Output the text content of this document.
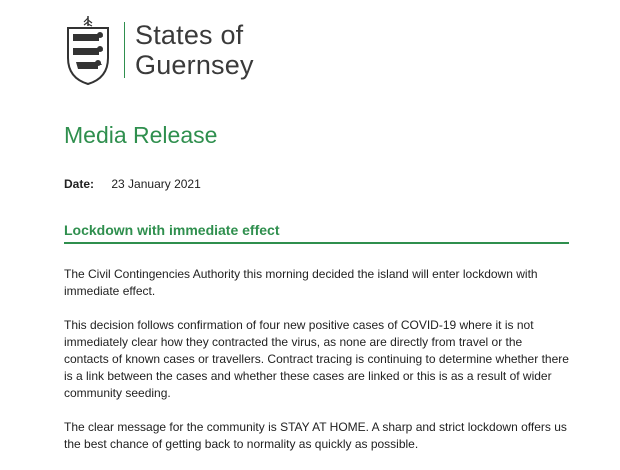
States of
Guernsey
Media Release
Date: 23 January 2021
Lockdown with immediate effect

The Civil Contingencies Authority this morning decided the island will enter lockdown with immediate effect.

This decision follows confirmation of four new positive cases of COVID-19 where it is not immediately clear how they contracted the virus, as none are directly from travel or the contacts of known cases or travellers. Contract tracing is continuing to determine whether there is a link between the cases and whether these cases are linked or this is as a result of wider community seeding.

The clear message for the community is STAY AT HOME. A sharp and strict lockdown offers us the best chance of getting back to normality as quickly as possible.
